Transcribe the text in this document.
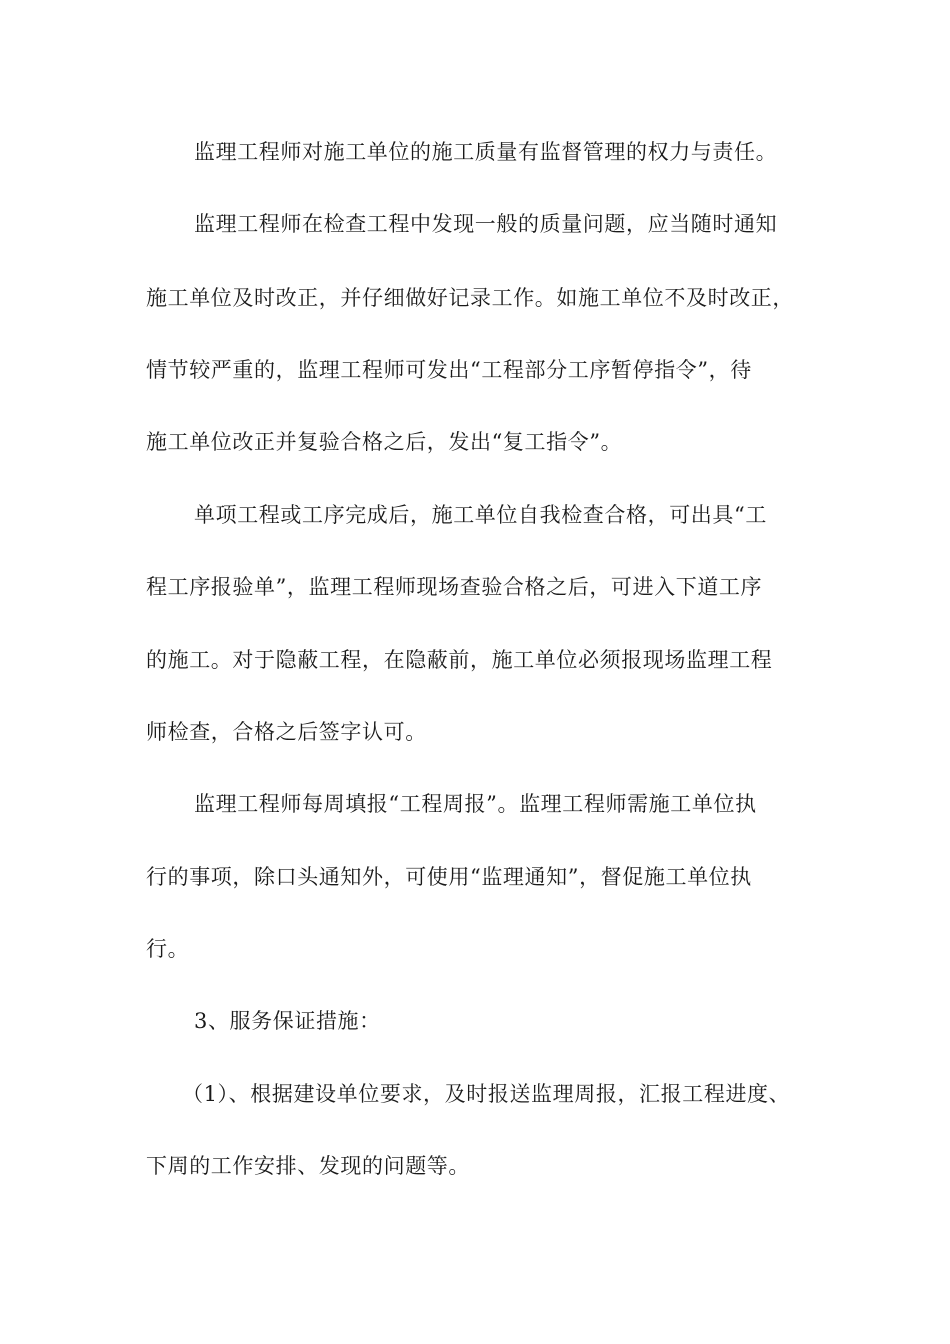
监理工程师对施工单位的施工质量有监督管理的权力与责任。
监理工程师在检查工程中发现一般的质量问题，应当随时通知
施工单位及时改正，并仔细做好记录工作。如施工单位不及时改正，
情节较严重的，监理工程师可发出“工程部分工序暂停指令”，待
施工单位改正并复验合格之后，发出“复工指令”。
单项工程或工序完成后，施工单位自我检查合格，可出具“工
程工序报验单”，监理工程师现场查验合格之后，可进入下道工序
的施工。对于隐蔽工程，在隐蔽前，施工单位必须报现场监理工程
师检查，合格之后签字认可。
监理工程师每周填报“工程周报”。监理工程师需施工单位执
行的事项，除口头通知外，可使用“监理通知”，督促施工单位执
行。
3、服务保证措施：
（1）、根据建设单位要求，及时报送监理周报，汇报工程进度、
下周的工作安排、发现的问题等。
